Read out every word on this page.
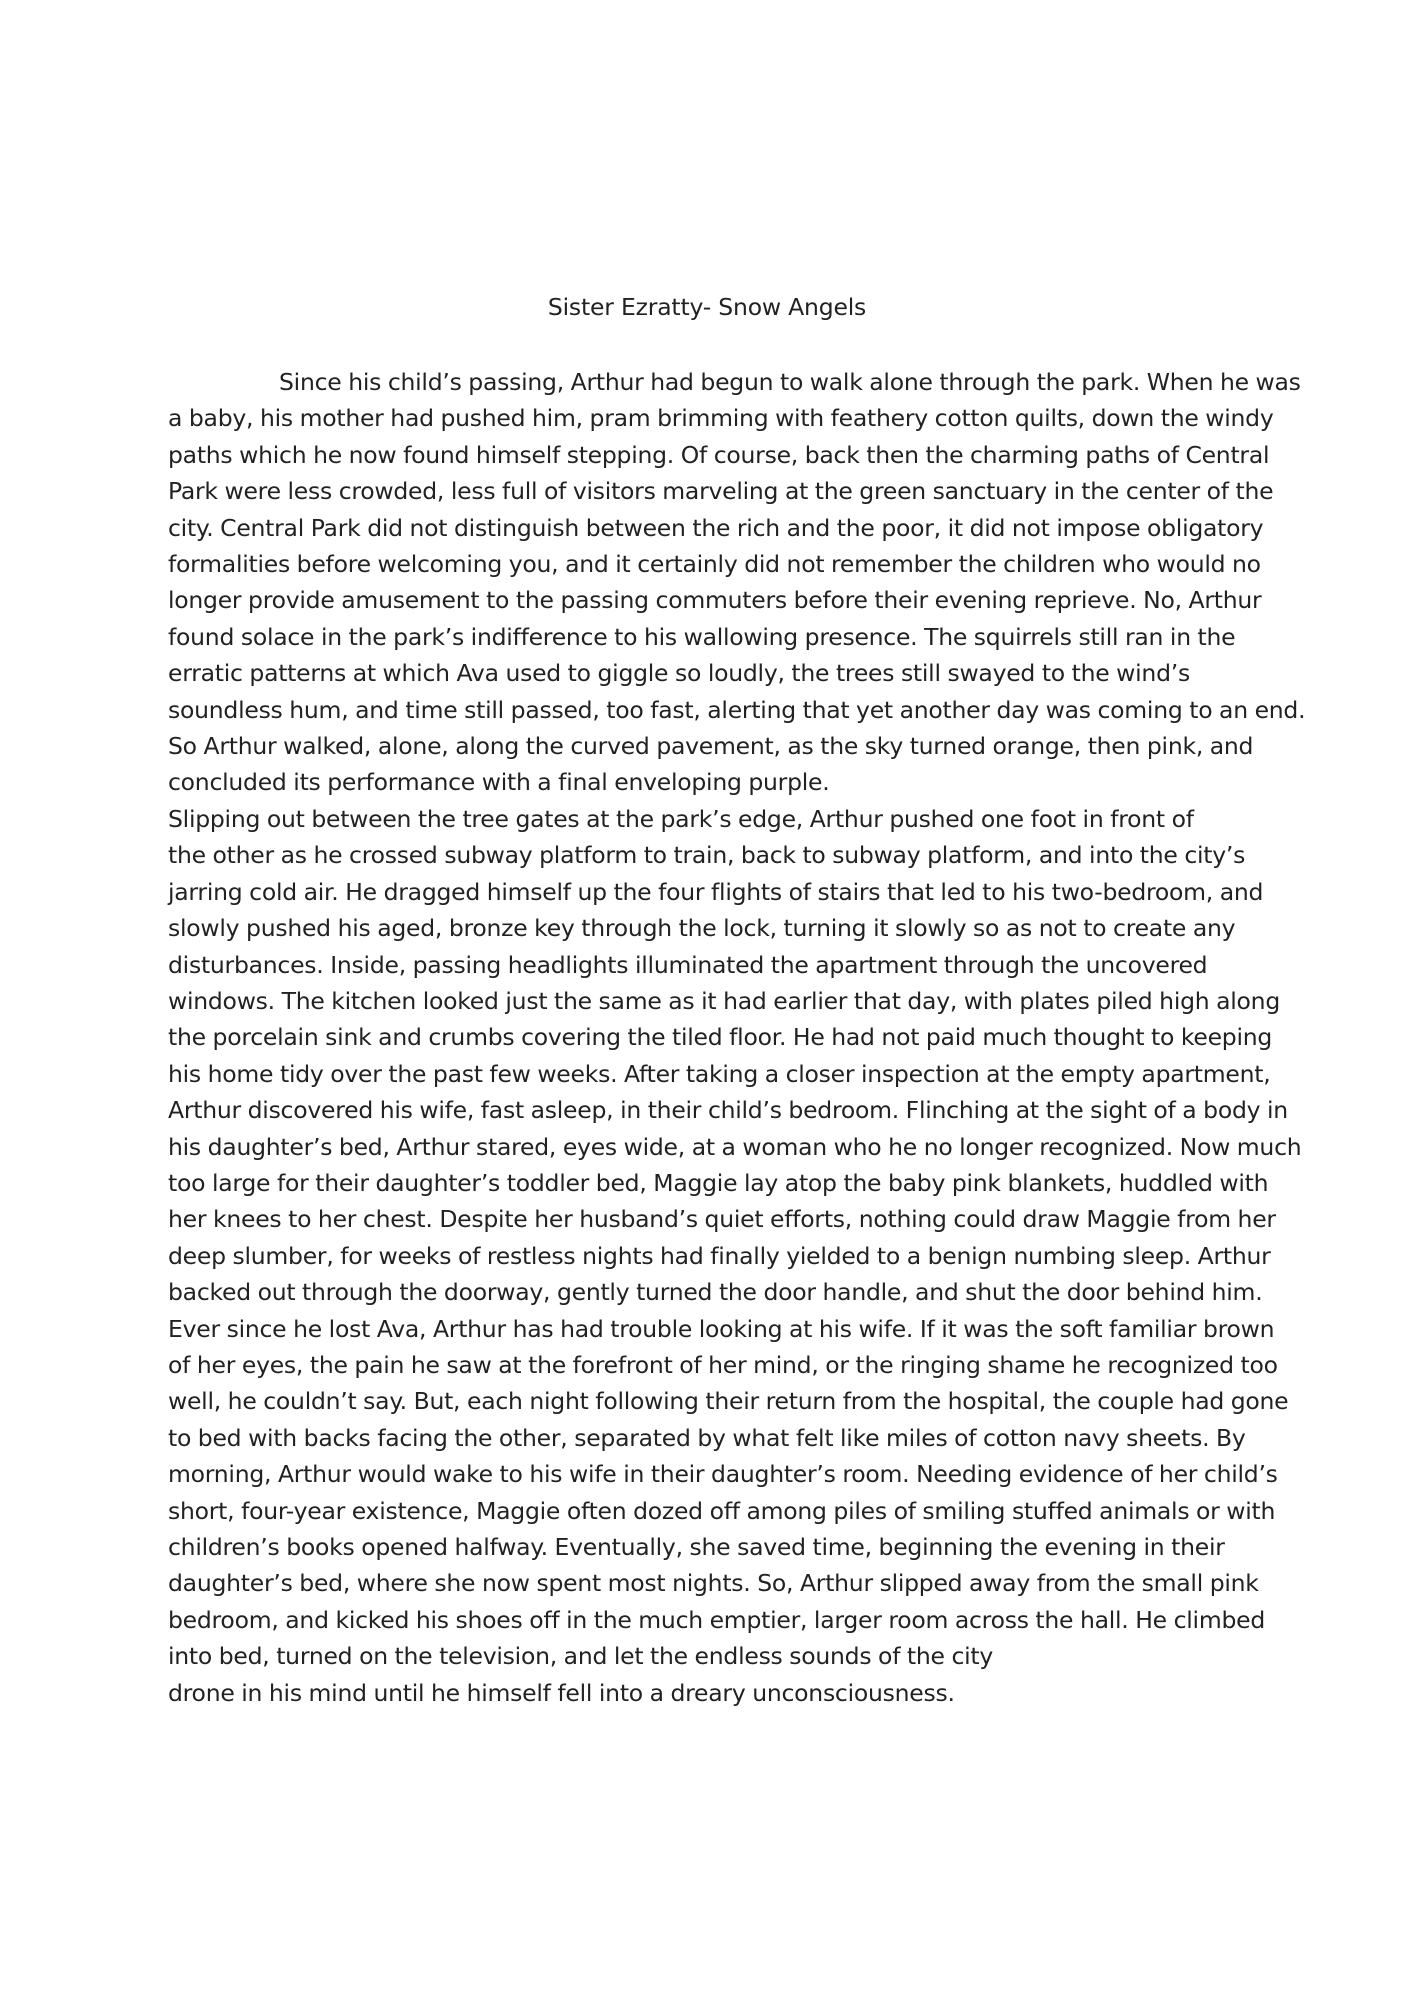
Sister Ezratty- Snow Angels

Since his child’s passing, Arthur had begun to walk alone through the park. When he was
a baby, his mother had pushed him, pram brimming with feathery cotton quilts, down the windy
paths which he now found himself stepping. Of course, back then the charming paths of Central
Park were less crowded, less full of visitors marveling at the green sanctuary in the center of the
city. Central Park did not distinguish between the rich and the poor, it did not impose obligatory
formalities before welcoming you, and it certainly did not remember the children who would no
longer provide amusement to the passing commuters before their evening reprieve. No, Arthur
found solace in the park’s indifference to his wallowing presence. The squirrels still ran in the
erratic patterns at which Ava used to giggle so loudly, the trees still swayed to the wind’s
soundless hum, and time still passed, too fast, alerting that yet another day was coming to an end.
So Arthur walked, alone, along the curved pavement, as the sky turned orange, then pink, and
concluded its performance with a final enveloping purple.

Slipping out between the tree gates at the park’s edge, Arthur pushed one foot in front of
the other as he crossed subway platform to train, back to subway platform, and into the city’s
jarring cold air. He dragged himself up the four flights of stairs that led to his two-bedroom, and
slowly pushed his aged, bronze key through the lock, turning it slowly so as not to create any
disturbances. Inside, passing headlights illuminated the apartment through the uncovered
windows. The kitchen looked just the same as it had earlier that day, with plates piled high along
the porcelain sink and crumbs covering the tiled floor. He had not paid much thought to keeping
his home tidy over the past few weeks. After taking a closer inspection at the empty apartment,
Arthur discovered his wife, fast asleep, in their child’s bedroom. Flinching at the sight of a body in
his daughter’s bed, Arthur stared, eyes wide, at a woman who he no longer recognized. Now much
too large for their daughter’s toddler bed, Maggie lay atop the baby pink blankets, huddled with
her knees to her chest. Despite her husband’s quiet efforts, nothing could draw Maggie from her
deep slumber, for weeks of restless nights had finally yielded to a benign numbing sleep. Arthur
backed out through the doorway, gently turned the door handle, and shut the door behind him.

Ever since he lost Ava, Arthur has had trouble looking at his wife. If it was the soft familiar brown
of her eyes, the pain he saw at the forefront of her mind, or the ringing shame he recognized too
well, he couldn’t say. But, each night following their return from the hospital, the couple had gone
to bed with backs facing the other, separated by what felt like miles of cotton navy sheets. By
morning, Arthur would wake to his wife in their daughter’s room. Needing evidence of her child’s
short, four-year existence, Maggie often dozed off among piles of smiling stuffed animals or with
children’s books opened halfway. Eventually, she saved time, beginning the evening in their
daughter’s bed, where she now spent most nights. So, Arthur slipped away from the small pink
bedroom, and kicked his shoes off in the much emptier, larger room across the hall. He climbed
into bed, turned on the television, and let the endless sounds of the city
drone in his mind until he himself fell into a dreary unconsciousness.
